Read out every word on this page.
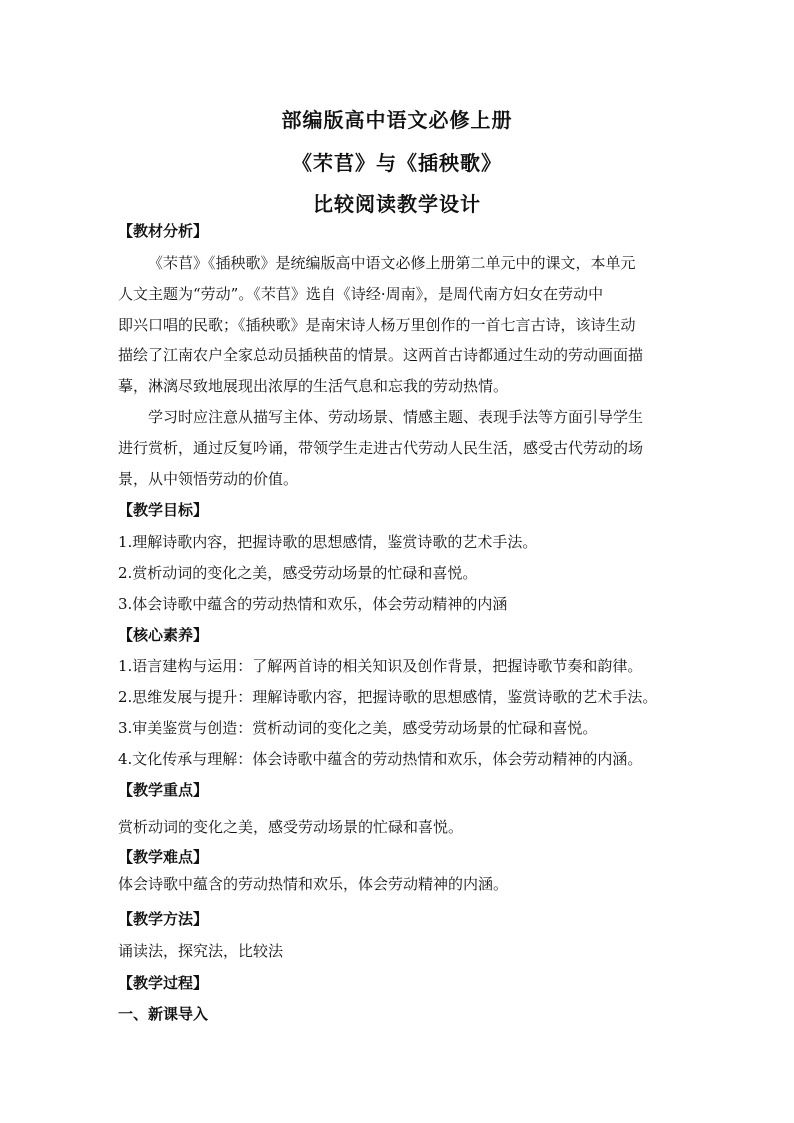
部编版高中语文必修上册
《芣苢》与《插秧歌》
比较阅读教学设计
【教材分析】
《芣苢》《插秧歌》是统编版高中语文必修上册第二单元中的课文，本单元
人文主题为“劳动”。《芣苢》选自《诗经·周南》，是周代南方妇女在劳动中
即兴口唱的民歌；《插秧歌》是南宋诗人杨万里创作的一首七言古诗，该诗生动
描绘了江南农户全家总动员插秧苗的情景。这两首古诗都通过生动的劳动画面描
摹，淋漓尽致地展现出浓厚的生活气息和忘我的劳动热情。
学习时应注意从描写主体、劳动场景、情感主题、表现手法等方面引导学生
进行赏析，通过反复吟诵，带领学生走进古代劳动人民生活，感受古代劳动的场
景，从中领悟劳动的价值。
【教学目标】
1.理解诗歌内容，把握诗歌的思想感情，鉴赏诗歌的艺术手法。
2.赏析动词的变化之美，感受劳动场景的忙碌和喜悦。
3.体会诗歌中蕴含的劳动热情和欢乐，体会劳动精神的内涵
【核心素养】
1.语言建构与运用：了解两首诗的相关知识及创作背景，把握诗歌节奏和韵律。
2.思维发展与提升：理解诗歌内容，把握诗歌的思想感情，鉴赏诗歌的艺术手法。
3.审美鉴赏与创造：赏析动词的变化之美，感受劳动场景的忙碌和喜悦。
4.文化传承与理解：体会诗歌中蕴含的劳动热情和欢乐，体会劳动精神的内涵。
【教学重点】
赏析动词的变化之美，感受劳动场景的忙碌和喜悦。
【教学难点】
体会诗歌中蕴含的劳动热情和欢乐，体会劳动精神的内涵。
【教学方法】
诵读法，探究法，比较法
【教学过程】
一、新课导入
